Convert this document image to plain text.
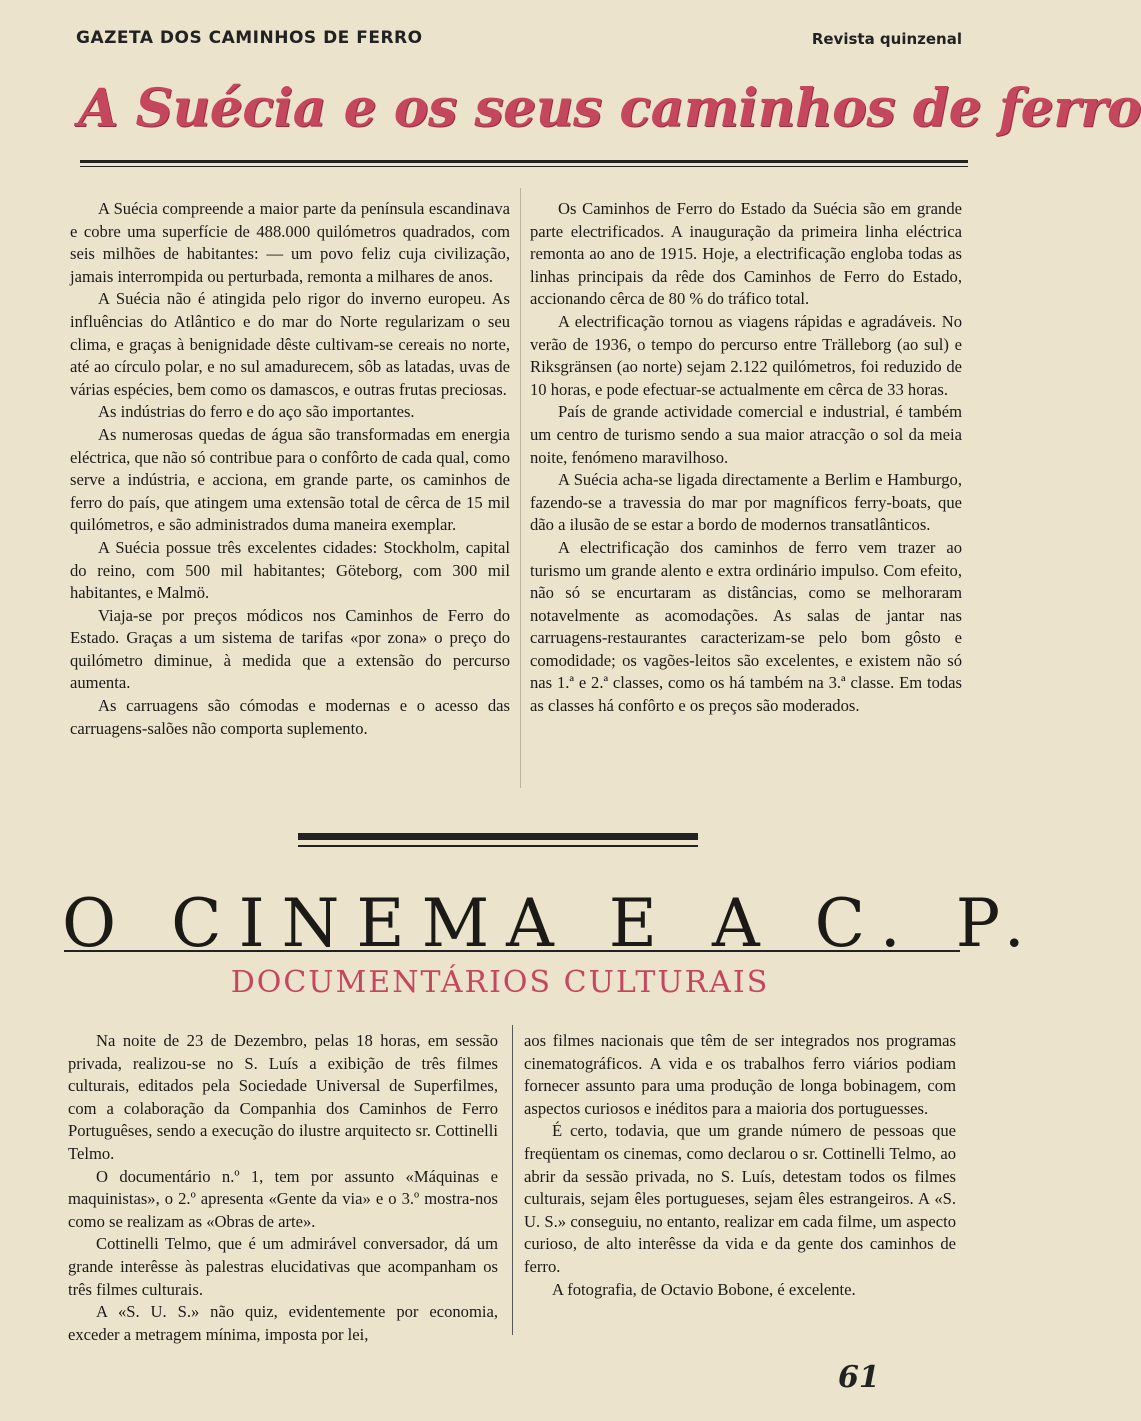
GAZETA DOS CAMINHOS DE FERRO	Revista quinzenal
A Suécia e os seus caminhos de ferro

A Suécia compreende a maior parte da península escandinava e cobre uma superfície de 488.000 quilómetros quadrados, com seis milhões de habitantes: — um povo feliz cuja civilização, jamais interrompida ou perturbada, remonta a milhares de anos.

A Suécia não é atingida pelo rigor do inverno europeu. As influências do Atlântico e do mar do Norte regularizam o seu clima, e graças à benignidade dêste cultivam-se cereais no norte, até ao círculo polar, e no sul amadurecem, sôb as latadas, uvas de várias espécies, bem como os damascos, e outras frutas preciosas.

As indústrias do ferro e do aço são importantes.

As numerosas quedas de água são transformadas em energia eléctrica, que não só contribue para o confôrto de cada qual, como serve a indústria, e acciona, em grande parte, os caminhos de ferro do país, que atingem uma extensão total de cêrca de 15 mil quilómetros, e são administrados duma maneira exemplar.

A Suécia possue três excelentes cidades: Stockholm, capital do reino, com 500 mil habitantes; Göteborg, com 300 mil habitantes, e Malmö.

Viaja-se por preços módicos nos Caminhos de Ferro do Estado. Graças a um sistema de tarifas «por zona» o preço do quilómetro diminue, à medida que a extensão do percurso aumenta.

As carruagens são cómodas e modernas e o acesso das carruagens-salões não comporta suplemento.

Os Caminhos de Ferro do Estado da Suécia são em grande parte electrificados. A inauguração da primeira linha eléctrica remonta ao ano de 1915. Hoje, a electrificação engloba todas as linhas principais da rêde dos Caminhos de Ferro do Estado, accionando cêrca de 80 % do tráfico total.

A electrificação tornou as viagens rápidas e agradáveis. No verão de 1936, o tempo do percurso entre Trälleborg (ao sul) e Riksgränsen (ao norte) sejam 2.122 quilómetros, foi reduzido de 10 horas, e pode efectuar-se actualmente em cêrca de 33 horas.

País de grande actividade comercial e industrial, é também um centro de turismo sendo a sua maior atracção o sol da meia noite, fenómeno maravilhoso.

A Suécia acha-se ligada directamente a Berlim e Hamburgo, fazendo-se a travessia do mar por magníficos ferry-boats, que dão a ilusão de se estar a bordo de modernos transatlânticos.

A electrificação dos caminhos de ferro vem trazer ao turismo um grande alento e extra ordinário impulso. Com efeito, não só se encurtaram as distâncias, como se melhoraram notavelmente as acomodações. As salas de jantar nas carruagens-restaurantes caracterizam-se pelo bom gôsto e comodidade; os vagões-leitos são excelentes, e existem não só nas 1.ª e 2.ª classes, como os há também na 3.ª classe. Em todas as classes há confôrto e os preços são moderados.

O CINEMA E A C. P.
DOCUMENTÁRIOS CULTURAIS

Na noite de 23 de Dezembro, pelas 18 horas, em sessão privada, realizou-se no S. Luís a exibição de três filmes culturais, editados pela Sociedade Universal de Superfilmes, com a colaboração da Companhia dos Caminhos de Ferro Portuguêses, sendo a execução do ilustre arquitecto sr. Cottinelli Telmo.

O documentário n.º 1, tem por assunto «Máquinas e maquinistas», o 2.º apresenta «Gente da via» e o 3.º mostra-nos como se realizam as «Obras de arte».

Cottinelli Telmo, que é um admirável conversador, dá um grande interêsse às palestras elucidativas que acompanham os três filmes culturais.

A «S. U. S.» não quiz, evidentemente por economia, exceder a metragem mínima, imposta por lei,

aos filmes nacionais que têm de ser integrados nos programas cinematográficos. A vida e os trabalhos ferro viários podiam fornecer assunto para uma produção de longa bobinagem, com aspectos curiosos e inéditos para a maioria dos portuguesses.

É certo, todavia, que um grande número de pessoas que freqüentam os cinemas, como declarou o sr. Cottinelli Telmo, ao abrir da sessão privada, no S. Luís, detestam todos os filmes culturais, sejam êles portugueses, sejam êles estrangeiros. A «S. U. S.» conseguiu, no entanto, realizar em cada filme, um aspecto curioso, de alto interêsse da vida e da gente dos caminhos de ferro.

A fotografia, de Octavio Bobone, é excelente.

61
